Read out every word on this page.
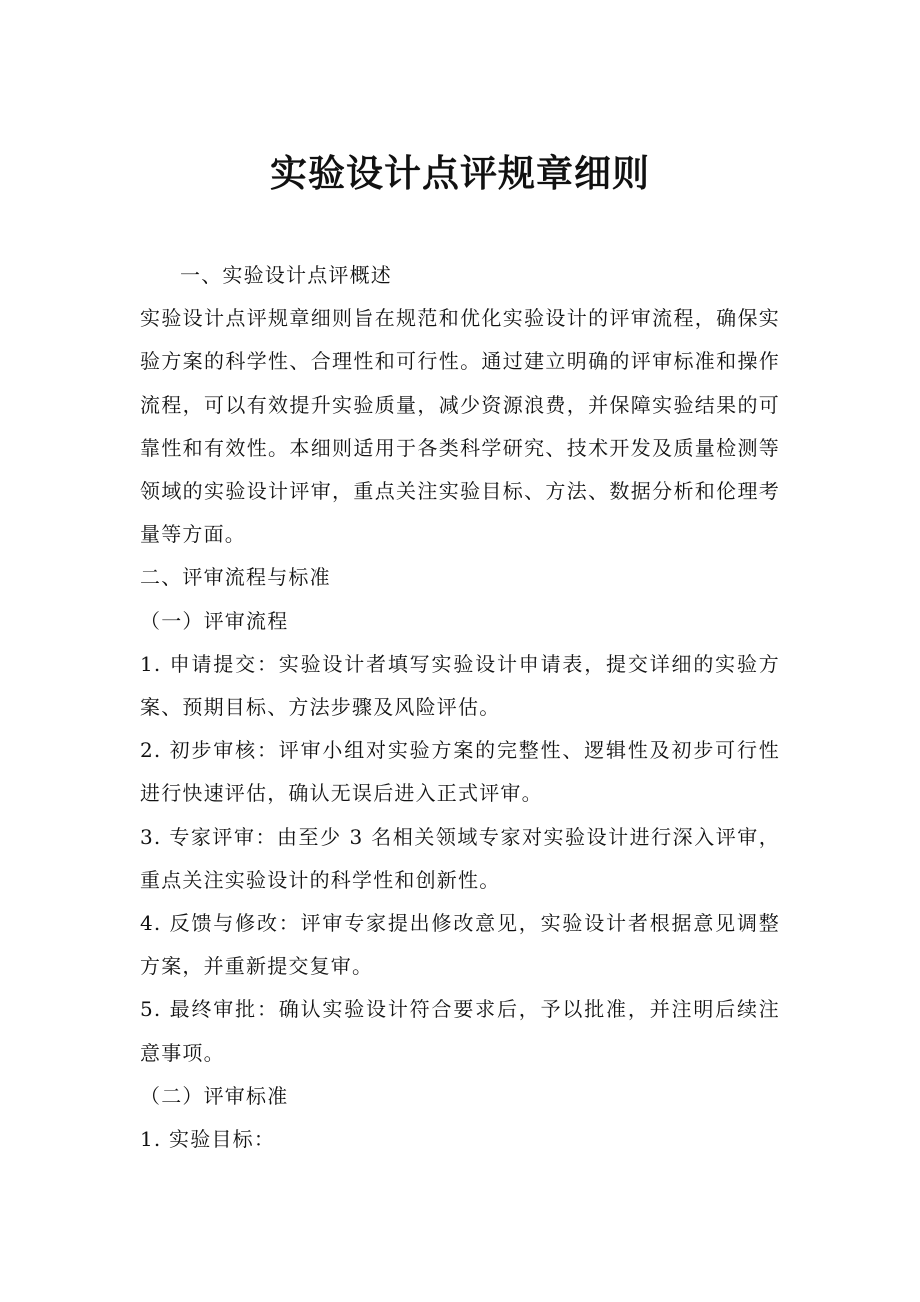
实验设计点评规章细则

一、实验设计点评概述

实验设计点评规章细则旨在规范和优化实验设计的评审流程，确保实验方案的科学性、合理性和可行性。通过建立明确的评审标准和操作流程，可以有效提升实验质量，减少资源浪费，并保障实验结果的可靠性和有效性。本细则适用于各类科学研究、技术开发及质量检测等领域的实验设计评审，重点关注实验目标、方法、数据分析和伦理考量等方面。

二、评审流程与标准

（一）评审流程

1. 申请提交：实验设计者填写实验设计申请表，提交详细的实验方案、预期目标、方法步骤及风险评估。

2. 初步审核：评审小组对实验方案的完整性、逻辑性及初步可行性进行快速评估，确认无误后进入正式评审。

3. 专家评审：由至少 3 名相关领域专家对实验设计进行深入评审，重点关注实验设计的科学性和创新性。

4. 反馈与修改：评审专家提出修改意见，实验设计者根据意见调整方案，并重新提交复审。

5. 最终审批：确认实验设计符合要求后，予以批准，并注明后续注意事项。

（二）评审标准

1. 实验目标：
